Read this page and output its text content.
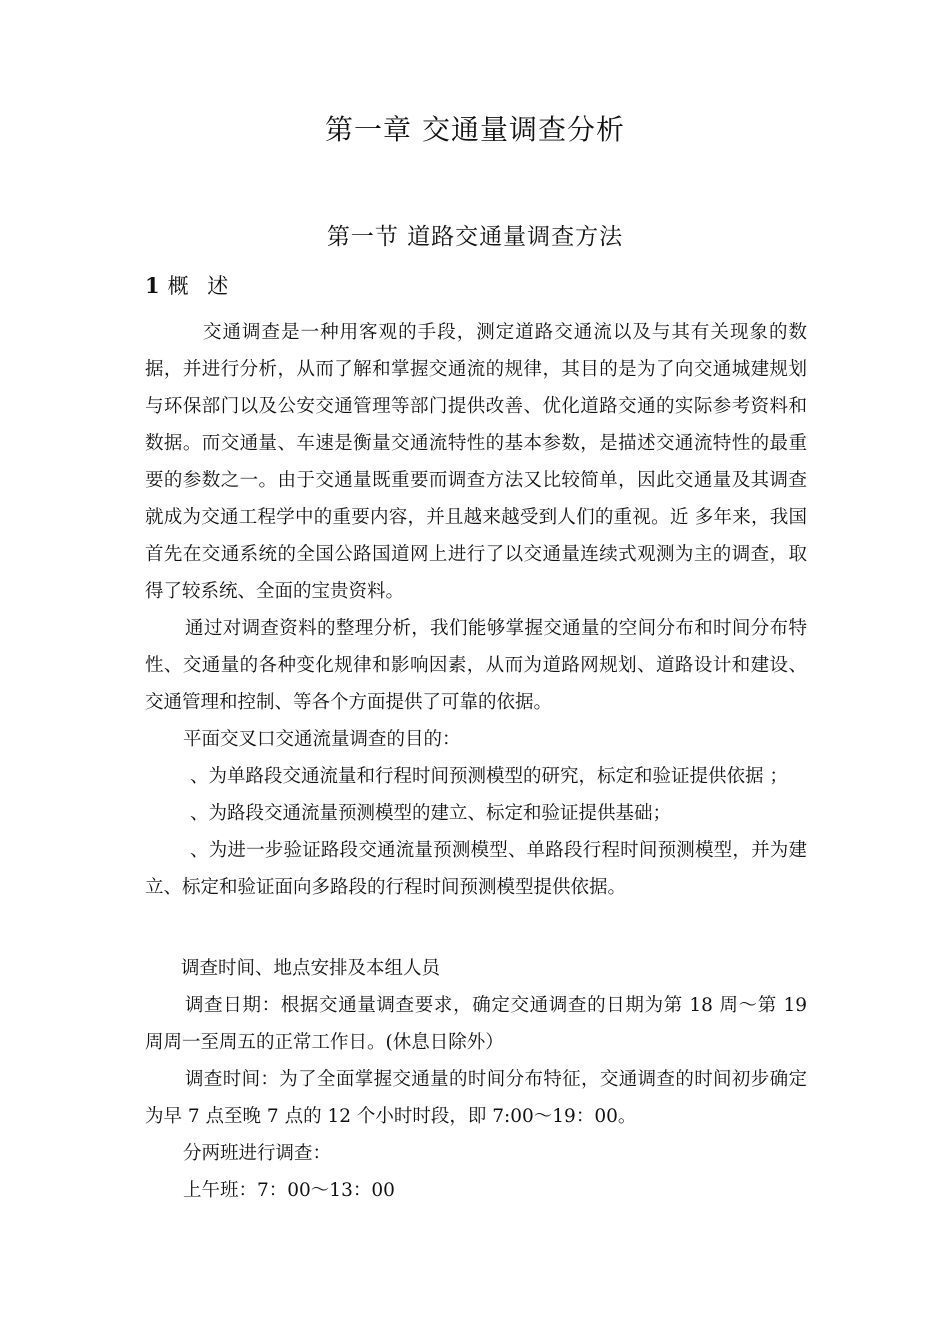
第一章 交通量调查分析
第一节 道路交通量调查方法
1 概 述

交通调查是一种用客观的手段，测定道路交通流以及与其有关现象的数据，并进行分析，从而了解和掌握交通流的规律，其目的是为了向交通城建规划与环保部门以及公安交通管理等部门提供改善、优化道路交通的实际参考资料和数据。而交通量、车速是衡量交通流特性的基本参数，是描述交通流特性的最重要的参数之一。由于交通量既重要而调查方法又比较简单，因此交通量及其调查就成为交通工程学中的重要内容，并且越来越受到人们的重视。近 多年来，我国首先在交通系统的全国公路国道网上进行了以交通量连续式观测为主的调查，取得了较系统、全面的宝贵资料。

通过对调查资料的整理分析，我们能够掌握交通量的空间分布和时间分布特性、交通量的各种变化规律和影响因素，从而为道路网规划、道路设计和建设、交通管理和控制、等各个方面提供了可靠的依据。

平面交叉口交通流量调查的目的：
、为单路段交通流量和行程时间预测模型的研究，标定和验证提供依据 ；
、为路段交通流量预测模型的建立、标定和验证提供基础；

、为进一步验证路段交通流量预测模型、单路段行程时间预测模型，并为建立、标定和验证面向多路段的行程时间预测模型提供依据。

调查时间、地点安排及本组人员

调查日期：根据交通量调查要求，确定交通调查的日期为第 18 周～第 19 周周一至周五的正常工作日。(休息日除外）

调查时间：为了全面掌握交通量的时间分布特征，交通调查的时间初步确定为早 7 点至晚 7 点的 12 个小时时段，即 7:00～19：00。

分两班进行调查：
上午班：7：00～13：00
